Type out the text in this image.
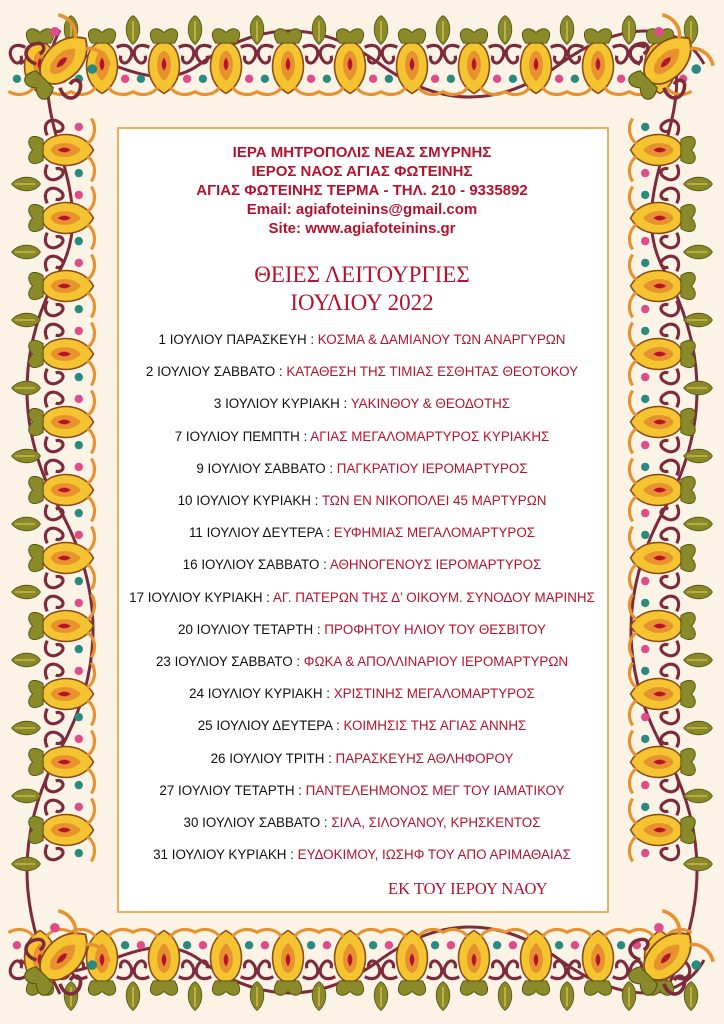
ΙΕΡΑ ΜΗΤΡΟΠΟΛΙΣ ΝΕΑΣ ΣΜΥΡΝΗΣ
ΙΕΡΟΣ ΝΑΟΣ ΑΓΙΑΣ ΦΩΤΕΙΝΗΣ
ΑΓΙΑΣ ΦΩΤΕΙΝΗΣ ΤΕΡΜΑ - ΤΗΛ. 210 - 9335892
Email: agiafoteinins@gmail.com
Site: www.agiafoteinins.gr
ΘΕΙΕΣ ΛΕΙΤΟΥΡΓΙΕΣ
ΙΟΥΛΙΟΥ 2022
1 ΙΟΥΛΙΟΥ ΠΑΡΑΣΚΕΥΗ : ΚΟΣΜΑ & ΔΑΜΙΑΝΟΥ ΤΩΝ ΑΝΑΡΓΥΡΩΝ
2 ΙΟΥΛΙΟΥ ΣΑΒΒΑΤΟ : ΚΑΤΑΘΕΣΗ ΤΗΣ ΤΙΜΙΑΣ ΕΣΘΗΤΑΣ ΘΕΟΤΟΚΟΥ
3 ΙΟΥΛΙΟΥ ΚΥΡΙΑΚΗ : ΥΑΚΙΝΘΟΥ & ΘΕΟΔΟΤΗΣ
7 ΙΟΥΛΙΟΥ ΠΕΜΠΤΗ : ΑΓΙΑΣ ΜΕΓΑΛΟΜΑΡΤΥΡΟΣ ΚΥΡΙΑΚΗΣ
9 ΙΟΥΛΙΟΥ ΣΑΒΒΑΤΟ : ΠΑΓΚΡΑΤΙΟΥ ΙΕΡΟΜΑΡΤΥΡΟΣ
10 ΙΟΥΛΙΟΥ ΚΥΡΙΑΚΗ : ΤΩΝ ΕΝ ΝΙΚΟΠΟΛΕΙ 45 ΜΑΡΤΥΡΩΝ
11 ΙΟΥΛΙΟΥ ΔΕΥΤΕΡΑ : ΕΥΦΗΜΙΑΣ ΜΕΓΑΛΟΜΑΡΤΥΡΟΣ
16 ΙΟΥΛΙΟΥ ΣΑΒΒΑΤΟ : ΑΘΗΝΟΓΕΝΟΥΣ ΙΕΡΟΜΑΡΤΥΡΟΣ
17 ΙΟΥΛΙΟΥ ΚΥΡΙΑΚΗ : ΑΓ. ΠΑΤΕΡΩΝ ΤΗΣ Δ’ ΟΙΚΟΥΜ. ΣΥΝΟΔΟΥ ΜΑΡΙΝΗΣ
20 ΙΟΥΛΙΟΥ ΤΕΤΑΡΤΗ : ΠΡΟΦΗΤΟΥ ΗΛΙΟΥ ΤΟΥ ΘΕΣΒΙΤΟΥ
23 ΙΟΥΛΙΟΥ ΣΑΒΒΑΤΟ : ΦΩΚΑ & ΑΠΟΛΛΙΝΑΡΙΟΥ ΙΕΡΟΜΑΡΤΥΡΩΝ
24 ΙΟΥΛΙΟΥ ΚΥΡΙΑΚΗ : ΧΡΙΣΤΙΝΗΣ ΜΕΓΑΛΟΜΑΡΤΥΡΟΣ
25 ΙΟΥΛΙΟΥ ΔΕΥΤΕΡΑ : ΚΟΙΜΗΣΙΣ ΤΗΣ ΑΓΙΑΣ ΑΝΝΗΣ
26 ΙΟΥΛΙΟΥ ΤΡΙΤΗ : ΠΑΡΑΣΚΕΥΗΣ ΑΘΛΗΦΟΡΟΥ
27 ΙΟΥΛΙΟΥ ΤΕΤΑΡΤΗ : ΠΑΝΤΕΛΕΗΜΟΝΟΣ ΜΕΓ ΤΟΥ ΙΑΜΑΤΙΚΟΥ
30 ΙΟΥΛΙΟΥ ΣΑΒΒΑΤΟ : ΣΙΛΑ, ΣΙΛΟΥΑΝΟΥ, ΚΡΗΣΚΕΝΤΟΣ
31 ΙΟΥΛΙΟΥ ΚΥΡΙΑΚΗ : ΕΥΔΟΚΙΜΟΥ, ΙΩΣΗΦ ΤΟΥ ΑΠΟ ΑΡΙΜΑΘΑΙΑΣ
ΕΚ ΤΟΥ ΙΕΡΟΥ ΝΑΟΥ
